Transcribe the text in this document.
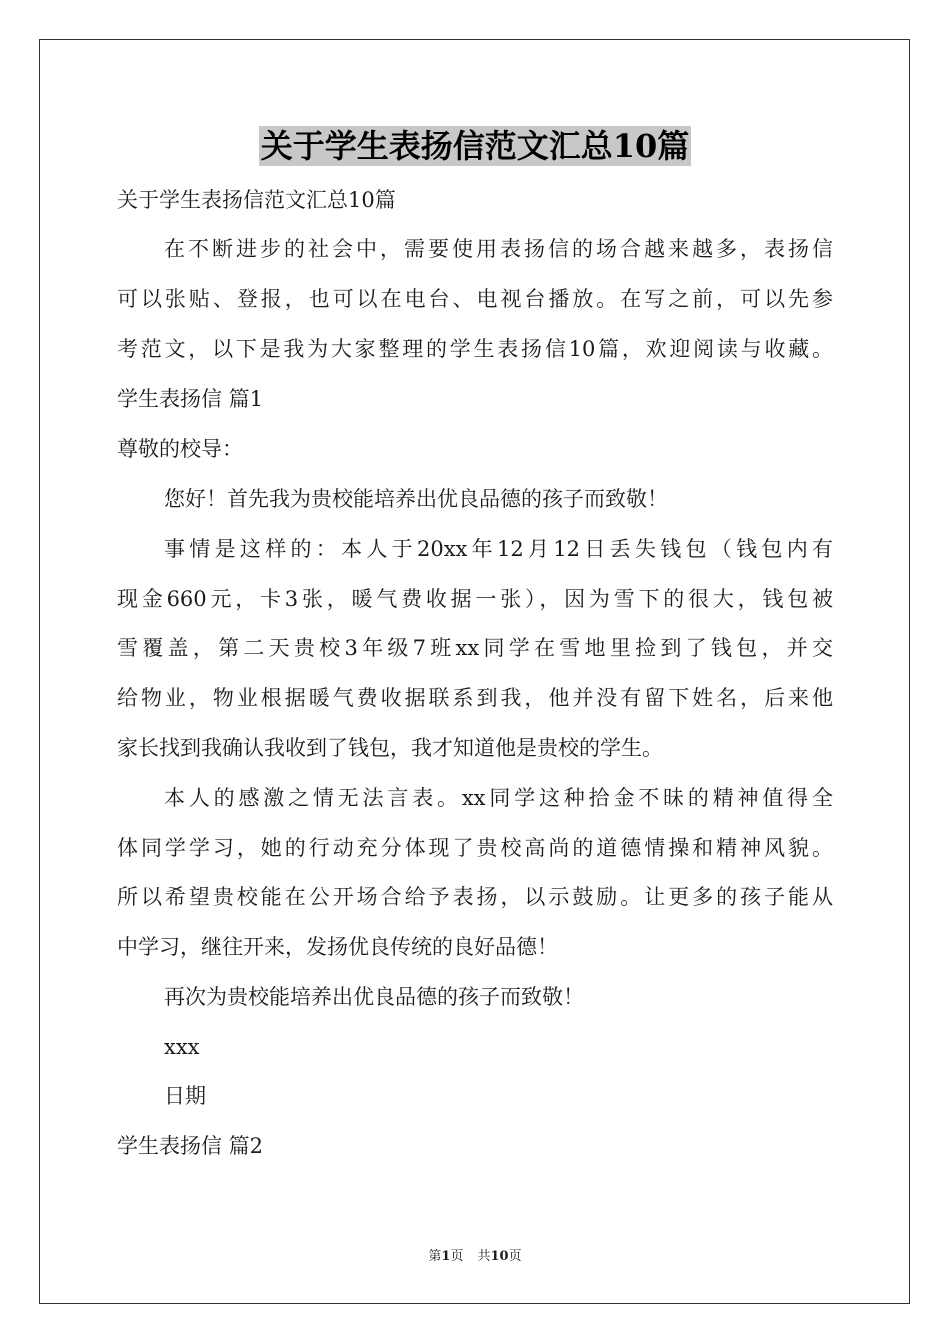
关于学生表扬信范文汇总10篇
关于学生表扬信范文汇总10篇
在不断进步的社会中，需要使用表扬信的场合越来越多，表扬信
可以张贴、登报，也可以在电台、电视台播放。在写之前，可以先参
考范文，以下是我为大家整理的学生表扬信10篇，欢迎阅读与收藏。
学生表扬信 篇1
尊敬的校导：
您好！首先我为贵校能培养出优良品德的孩子而致敬！
事情是这样的：本人于20xx年12月12日丢失钱包（钱包内有
现金660元，卡3张，暖气费收据一张），因为雪下的很大，钱包被
雪覆盖，第二天贵校3年级7班xx同学在雪地里捡到了钱包，并交
给物业，物业根据暖气费收据联系到我，他并没有留下姓名，后来他
家长找到我确认我收到了钱包，我才知道他是贵校的学生。
本人的感激之情无法言表。xx同学这种拾金不昧的精神值得全
体同学学习，她的行动充分体现了贵校高尚的道德情操和精神风貌。
所以希望贵校能在公开场合给予表扬，以示鼓励。让更多的孩子能从
中学习，继往开来，发扬优良传统的良好品德！
再次为贵校能培养出优良品德的孩子而致敬！
xxx
日期
学生表扬信 篇2
第1页 共10页
